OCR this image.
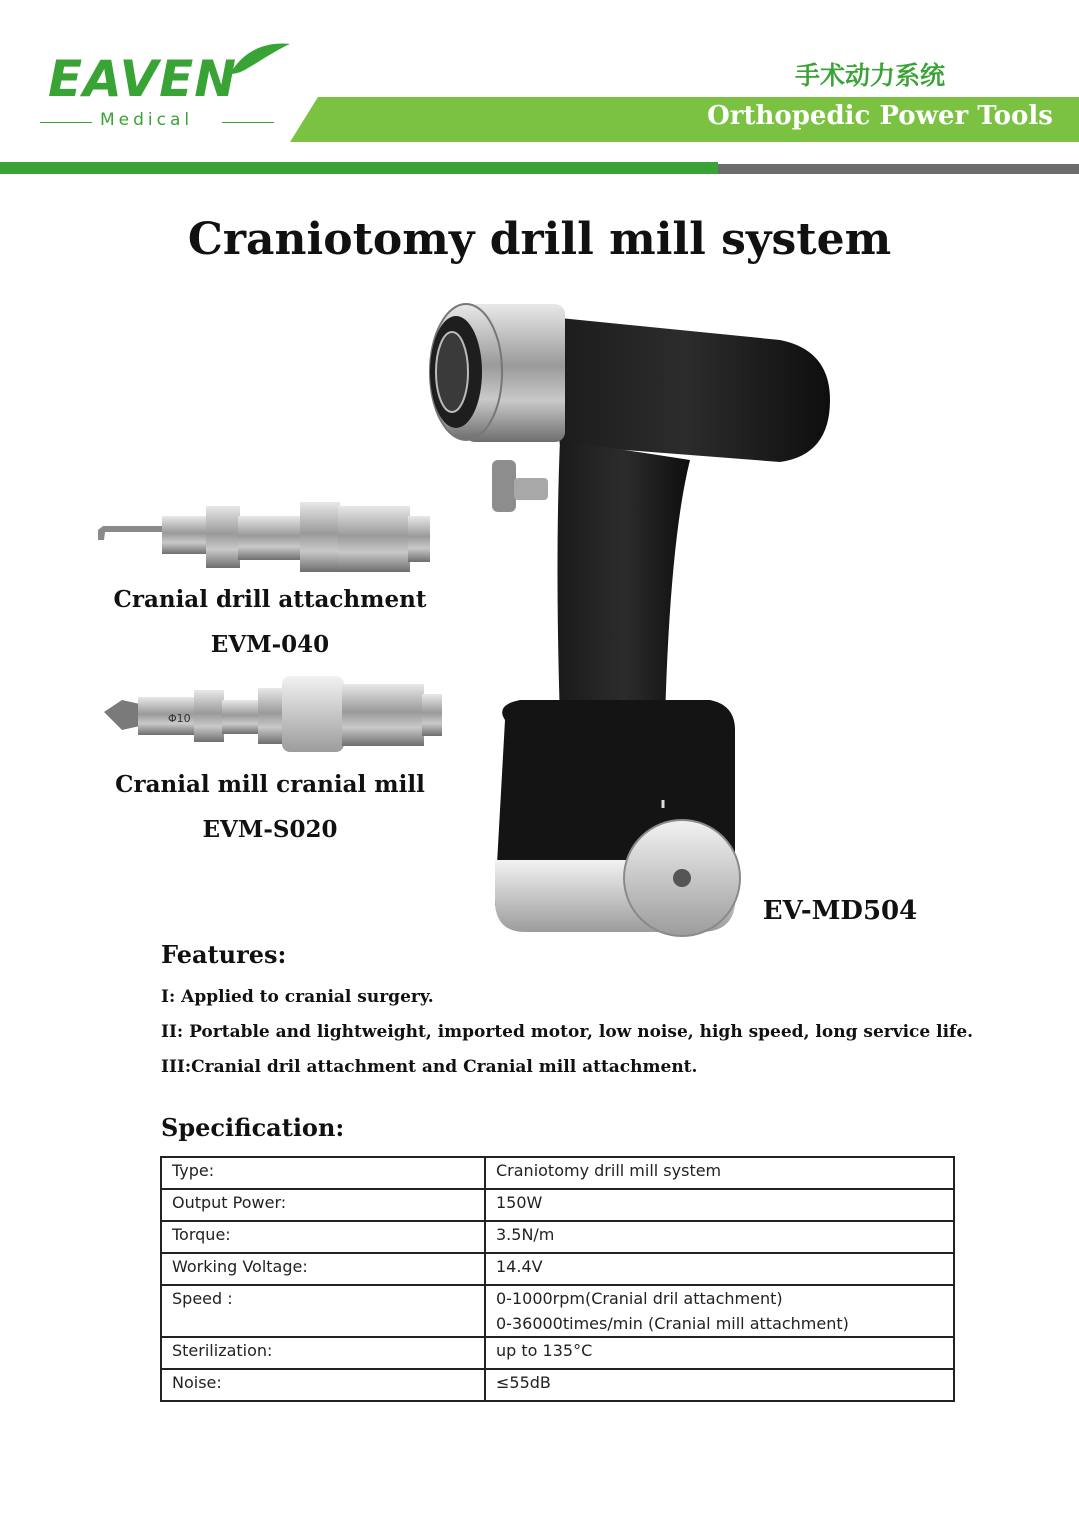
EAVEN
Medical
手术动力系统
Orthopedic Power Tools
Craniotomy drill mill system
Φ10
Cranial drill attachment
EVM-040
Cranial mill cranial mill
EVM-S020
EV-MD504
Features:
I: Applied to cranial surgery.
II: Portable and lightweight, imported motor, low noise, high speed, long service life.
III:Cranial dril attachment and Cranial mill attachment.
Specification:
Type:	Craniotomy drill mill system
Output Power:	150W
Torque:	3.5N/m
Working Voltage:	14.4V
Speed :	0-1000rpm(Cranial dril attachment)
0-36000times/min (Cranial mill attachment)

Sterilization:	up to 135°C
Noise:	≤55dB
